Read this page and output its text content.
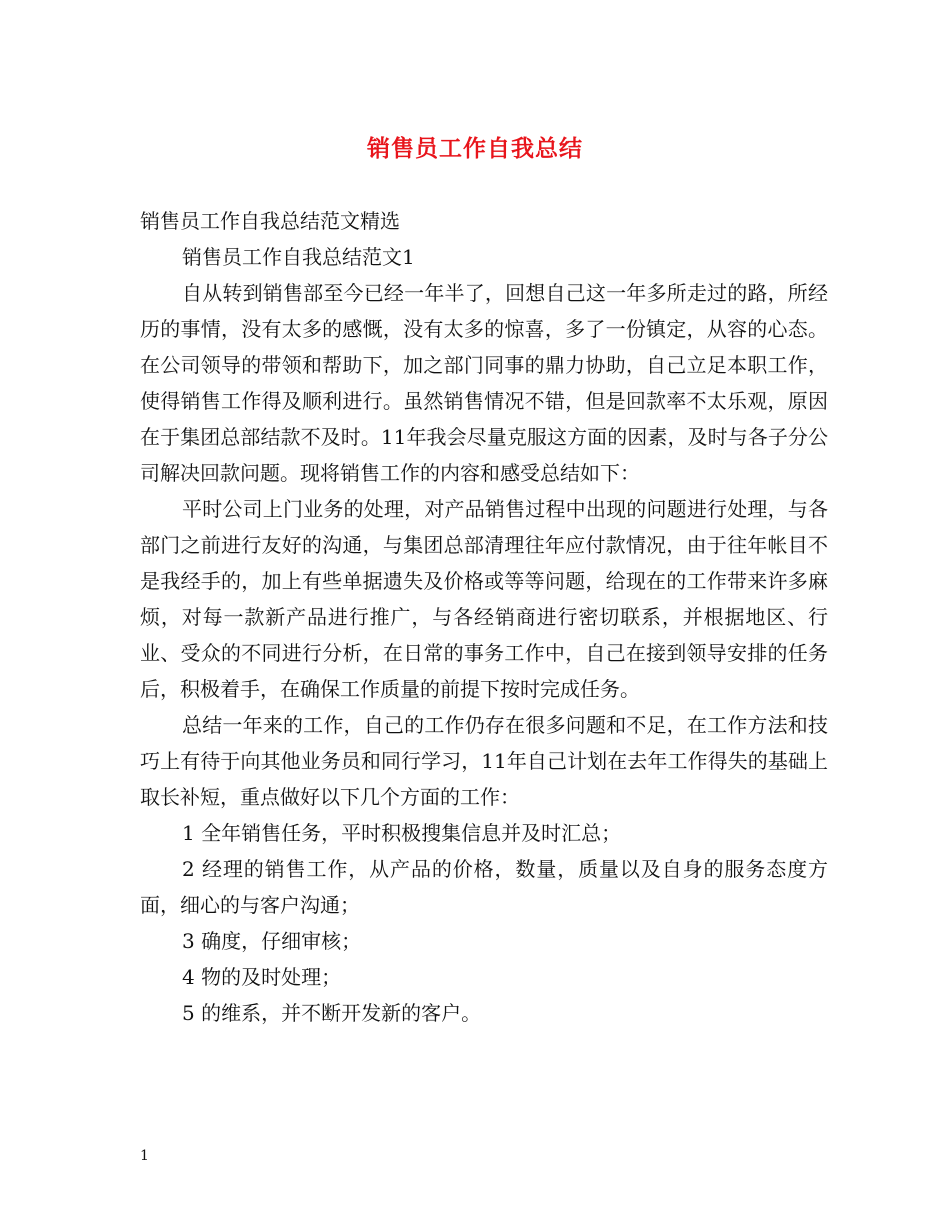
销售员工作自我总结

销售员工作自我总结范文精选

销售员工作自我总结范文1

自从转到销售部至今已经一年半了，回想自己这一年多所走过的路，所经历的事情，没有太多的感慨，没有太多的惊喜，多了一份镇定，从容的心态。在公司领导的带领和帮助下，加之部门同事的鼎力协助，自己立足本职工作，使得销售工作得及顺利进行。虽然销售情况不错，但是回款率不太乐观，原因在于集团总部结款不及时。11年我会尽量克服这方面的因素，及时与各子分公司解决回款问题。现将销售工作的内容和感受总结如下：

平时公司上门业务的处理，对产品销售过程中出现的问题进行处理，与各部门之前进行友好的沟通，与集团总部清理往年应付款情况，由于往年帐目不是我经手的，加上有些单据遗失及价格或等等问题，给现在的工作带来许多麻烦，对每一款新产品进行推广，与各经销商进行密切联系，并根据地区、行业、受众的不同进行分析，在日常的事务工作中，自己在接到领导安排的任务后，积极着手，在确保工作质量的前提下按时完成任务。

总结一年来的工作，自己的工作仍存在很多问题和不足，在工作方法和技巧上有待于向其他业务员和同行学习，11年自己计划在去年工作得失的基础上取长补短，重点做好以下几个方面的工作：

1 全年销售任务，平时积极搜集信息并及时汇总；

2 经理的销售工作，从产品的价格，数量，质量以及自身的服务态度方面，细心的与客户沟通；

3 确度，仔细审核；

4 物的及时处理；

5 的维系，并不断开发新的客户。

1
